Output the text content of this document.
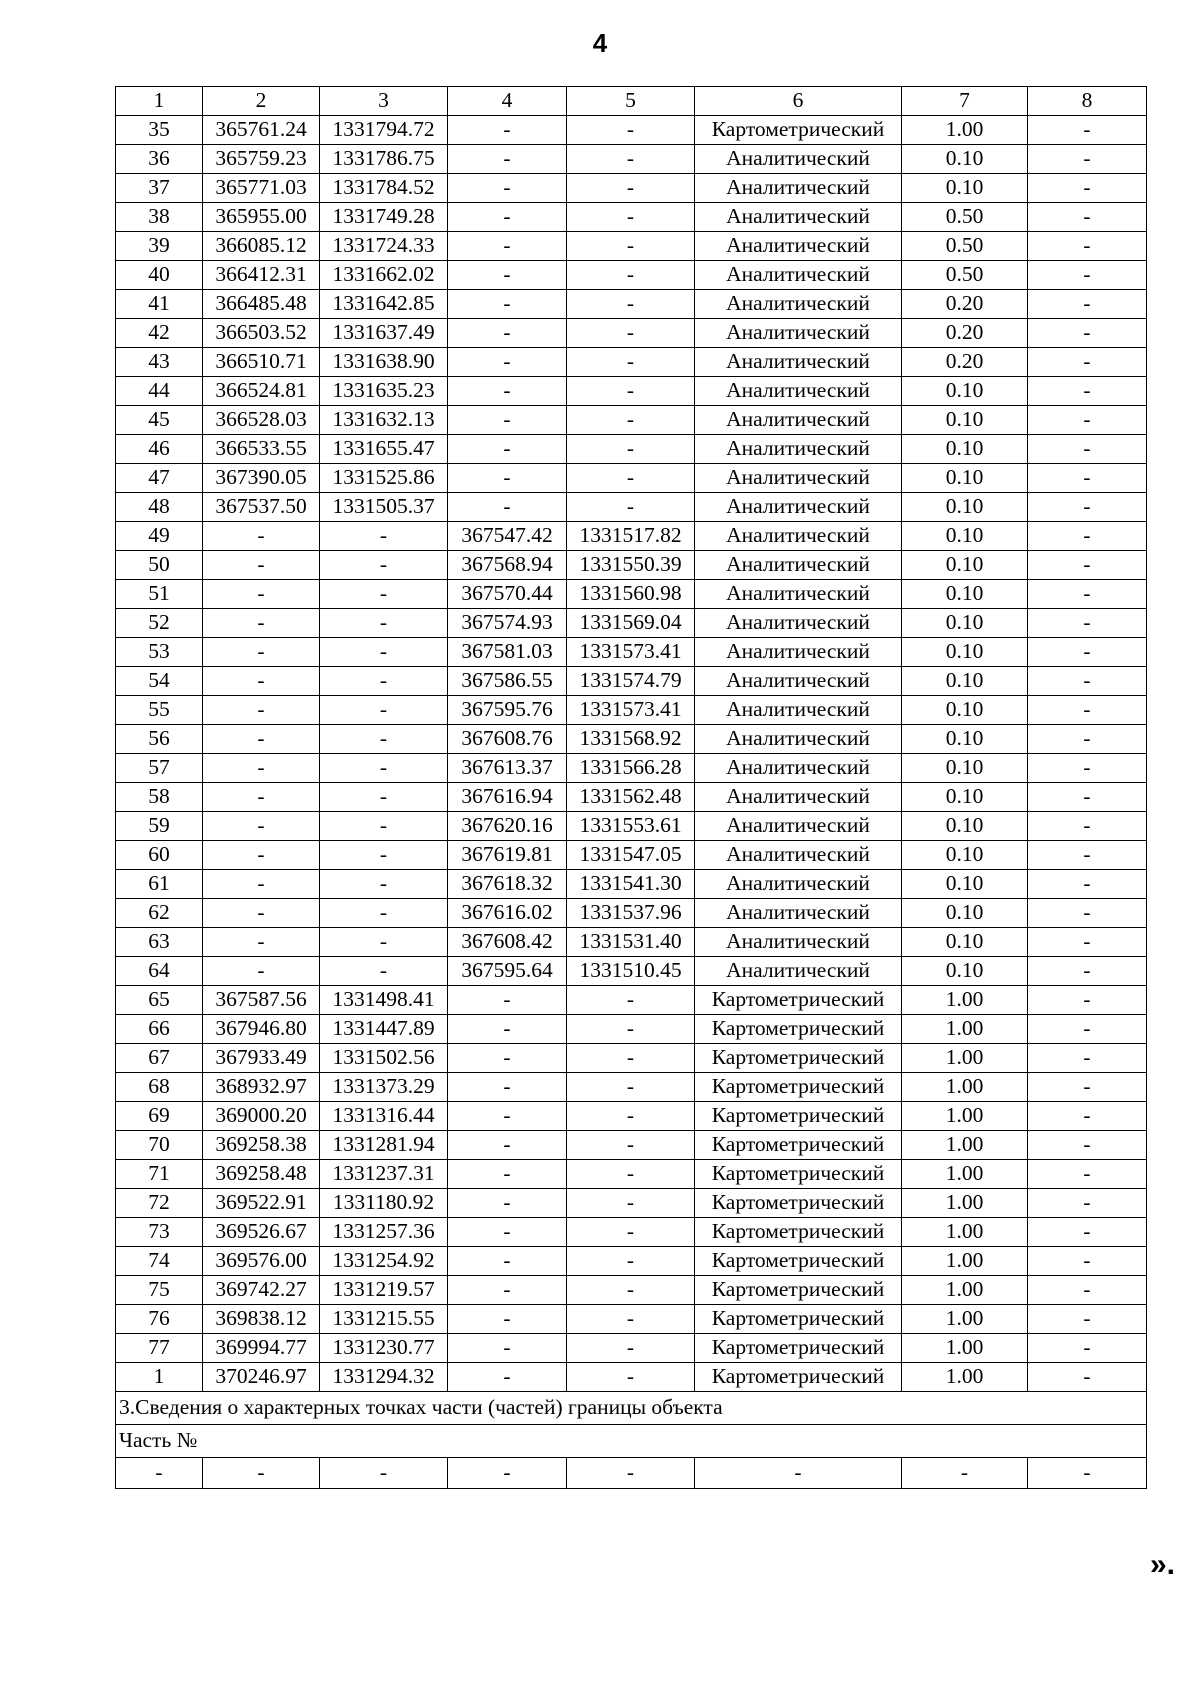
4
1	2	3	4	5	6	7	8
35	365761.24	1331794.72	-	-	Картометрический	1.00	-
36	365759.23	1331786.75	-	-	Аналитический	0.10	-
37	365771.03	1331784.52	-	-	Аналитический	0.10	-
38	365955.00	1331749.28	-	-	Аналитический	0.50	-
39	366085.12	1331724.33	-	-	Аналитический	0.50	-
40	366412.31	1331662.02	-	-	Аналитический	0.50	-
41	366485.48	1331642.85	-	-	Аналитический	0.20	-
42	366503.52	1331637.49	-	-	Аналитический	0.20	-
43	366510.71	1331638.90	-	-	Аналитический	0.20	-
44	366524.81	1331635.23	-	-	Аналитический	0.10	-
45	366528.03	1331632.13	-	-	Аналитический	0.10	-
46	366533.55	1331655.47	-	-	Аналитический	0.10	-
47	367390.05	1331525.86	-	-	Аналитический	0.10	-
48	367537.50	1331505.37	-	-	Аналитический	0.10	-
49	-	-	367547.42	1331517.82	Аналитический	0.10	-
50	-	-	367568.94	1331550.39	Аналитический	0.10	-
51	-	-	367570.44	1331560.98	Аналитический	0.10	-
52	-	-	367574.93	1331569.04	Аналитический	0.10	-
53	-	-	367581.03	1331573.41	Аналитический	0.10	-
54	-	-	367586.55	1331574.79	Аналитический	0.10	-
55	-	-	367595.76	1331573.41	Аналитический	0.10	-
56	-	-	367608.76	1331568.92	Аналитический	0.10	-
57	-	-	367613.37	1331566.28	Аналитический	0.10	-
58	-	-	367616.94	1331562.48	Аналитический	0.10	-
59	-	-	367620.16	1331553.61	Аналитический	0.10	-
60	-	-	367619.81	1331547.05	Аналитический	0.10	-
61	-	-	367618.32	1331541.30	Аналитический	0.10	-
62	-	-	367616.02	1331537.96	Аналитический	0.10	-
63	-	-	367608.42	1331531.40	Аналитический	0.10	-
64	-	-	367595.64	1331510.45	Аналитический	0.10	-
65	367587.56	1331498.41	-	-	Картометрический	1.00	-
66	367946.80	1331447.89	-	-	Картометрический	1.00	-
67	367933.49	1331502.56	-	-	Картометрический	1.00	-
68	368932.97	1331373.29	-	-	Картометрический	1.00	-
69	369000.20	1331316.44	-	-	Картометрический	1.00	-
70	369258.38	1331281.94	-	-	Картометрический	1.00	-
71	369258.48	1331237.31	-	-	Картометрический	1.00	-
72	369522.91	1331180.92	-	-	Картометрический	1.00	-
73	369526.67	1331257.36	-	-	Картометрический	1.00	-
74	369576.00	1331254.92	-	-	Картометрический	1.00	-
75	369742.27	1331219.57	-	-	Картометрический	1.00	-
76	369838.12	1331215.55	-	-	Картометрический	1.00	-
77	369994.77	1331230.77	-	-	Картометрический	1.00	-
1	370246.97	1331294.32	-	-	Картометрический	1.00	-
3.Сведения о характерных точках части (частей) границы объекта							
Часть №							
-	-	-	-	-	-	-	-
».
